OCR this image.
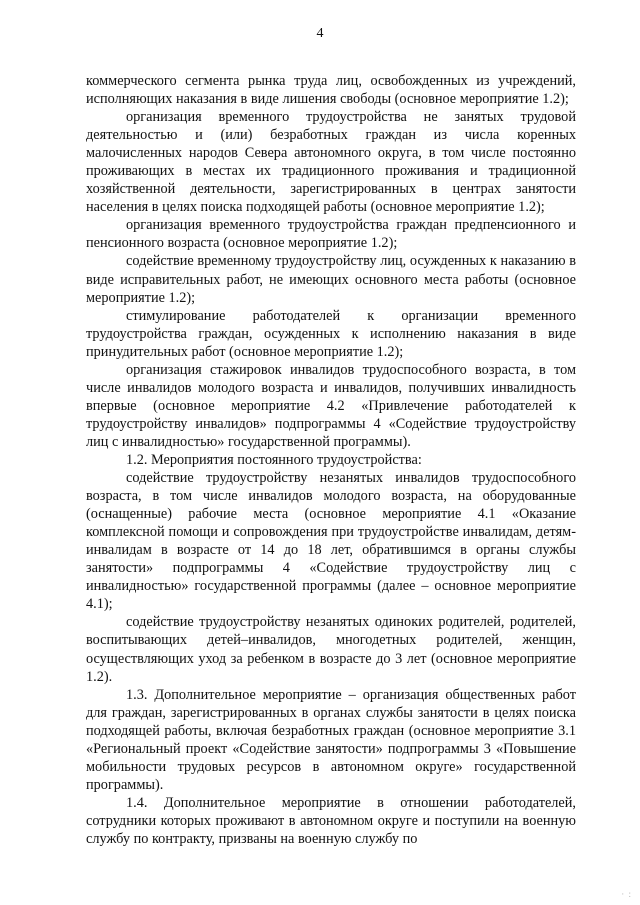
4

коммерческого сегмента рынка труда лиц, освобожденных из учреждений, исполняющих наказания в виде лишения свободы (основное мероприятие 1.2);

организация временного трудоустройства не занятых трудовой деятельностью и (или) безработных граждан из числа коренных малочисленных народов Севера автономного округа, в том числе постоянно проживающих в местах их традиционного проживания и традиционной хозяйственной деятельности, зарегистрированных в центрах занятости населения в целях поиска подходящей работы (основное мероприятие 1.2);

организация временного трудоустройства граждан предпенсионного и пенсионного возраста (основное мероприятие 1.2);

содействие временному трудоустройству лиц, осужденных к наказанию в виде исправительных работ, не имеющих основного места работы (основное мероприятие 1.2);

стимулирование работодателей к организации временного трудоустройства граждан, осужденных к исполнению наказания в виде принудительных работ (основное мероприятие 1.2);

организация стажировок инвалидов трудоспособного возраста, в том числе инвалидов молодого возраста и инвалидов, получивших инвалидность впервые (основное мероприятие 4.2 «Привлечение работодателей к трудоустройству инвалидов» подпрограммы 4 «Содействие трудоустройству лиц с инвалидностью» государственной программы).

1.2. Мероприятия постоянного трудоустройства:

содействие трудоустройству незанятых инвалидов трудоспособного возраста, в том числе инвалидов молодого возраста, на оборудованные (оснащенные) рабочие места (основное мероприятие 4.1 «Оказание комплексной помощи и сопровождения при трудоустройстве инвалидам, детям-инвалидам в возрасте от 14 до 18 лет, обратившимся в органы службы занятости» подпрограммы 4 «Содействие трудоустройству лиц с инвалидностью» государственной программы (далее – основное мероприятие 4.1);

содействие трудоустройству незанятых одиноких родителей, родителей, воспитывающих детей–инвалидов, многодетных родителей, женщин, осуществляющих уход за ребенком в возрасте до 3 лет (основное мероприятие 1.2).

1.3. Дополнительное мероприятие – организация общественных работ для граждан, зарегистрированных в органах службы занятости в целях поиска подходящей работы, включая безработных граждан (основное мероприятие 3.1 «Региональный проект «Содействие занятости» подпрограммы 3 «Повышение мобильности трудовых ресурсов в автономном округе» государственной программы).

1.4. Дополнительное мероприятие в отношении работодателей, сотрудники которых проживают в автономном округе и поступили на военную службу по контракту, призваны на военную службу по

· :
